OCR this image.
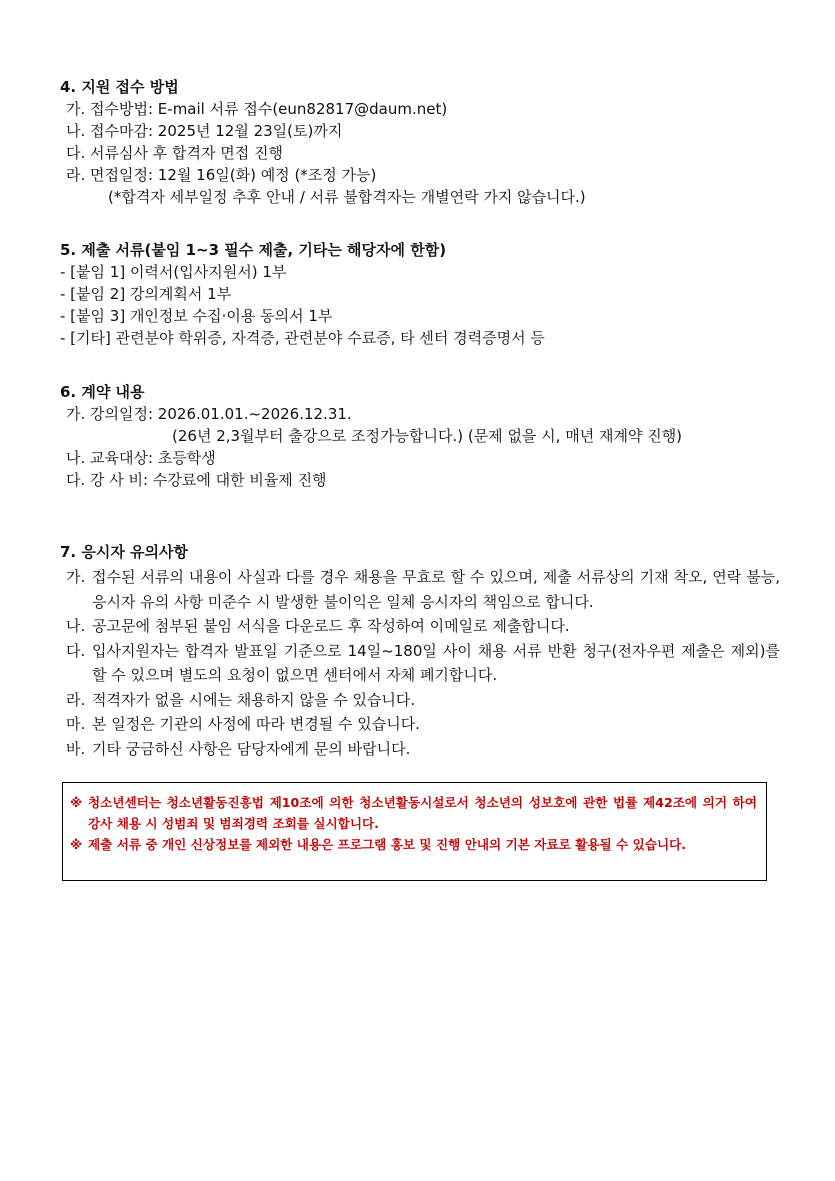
4. 지원 접수 방법
가. 접수방법: E-mail 서류 접수(eun82817@daum.net)
나. 접수마감: 2025년 12월 23일(토)까지
다. 서류심사 후 합격자 면접 진행
라. 면접일정: 12월 16일(화) 예정 (*조정 가능)
(*합격자 세부일정 추후 안내 / 서류 불합격자는 개별연락 가지 않습니다.)
5. 제출 서류(붙임 1~3 필수 제출, 기타는 해당자에 한함)
- [붙임 1] 이력서(입사지원서) 1부
- [붙임 2] 강의계획서 1부
- [붙임 3] 개인정보 수집·이용 동의서 1부
- [기타] 관련분야 학위증, 자격증, 관련분야 수료증, 타 센터 경력증명서 등
6. 계약 내용
가. 강의일정: 2026.01.01.~2026.12.31.
(26년 2,3월부터 출강으로 조정가능합니다.) (문제 없을 시, 매년 재계약 진행)
나. 교육대상: 초등학생
다. 강 사 비: 수강료에 대한 비율제 진행
7. 응시자 유의사항
가. 접수된 서류의 내용이 사실과 다를 경우 채용을 무효로 할 수 있으며, 제출 서류상의 기재 착오, 연락 불능, 응시자 유의 사항 미준수 시 발생한 불이익은 일체 응시자의 책임으로 합니다.
나. 공고문에 첨부된 붙임 서식을 다운로드 후 작성하여 이메일로 제출합니다.
다. 입사지원자는 합격자 발표일 기준으로 14일~180일 사이 채용 서류 반환 청구(전자우편 제출은 제외)를 할 수 있으며 별도의 요청이 없으면 센터에서 자체 폐기합니다.
라. 적격자가 없을 시에는 채용하지 않을 수 있습니다.
마. 본 일정은 기관의 사정에 따라 변경될 수 있습니다.
바. 기타 궁금하신 사항은 담당자에게 문의 바랍니다.
※ 청소년센터는 청소년활동진흥법 제10조에 의한 청소년활동시설로서 청소년의 성보호에 관한 법률 제42조에 의거 하여 강사 채용 시 성범죄 및 범죄경력 조회를 실시합니다.
※ 제출 서류 중 개인 신상정보를 제외한 내용은 프로그램 홍보 및 진행 안내의 기본 자료로 활용될 수 있습니다.
